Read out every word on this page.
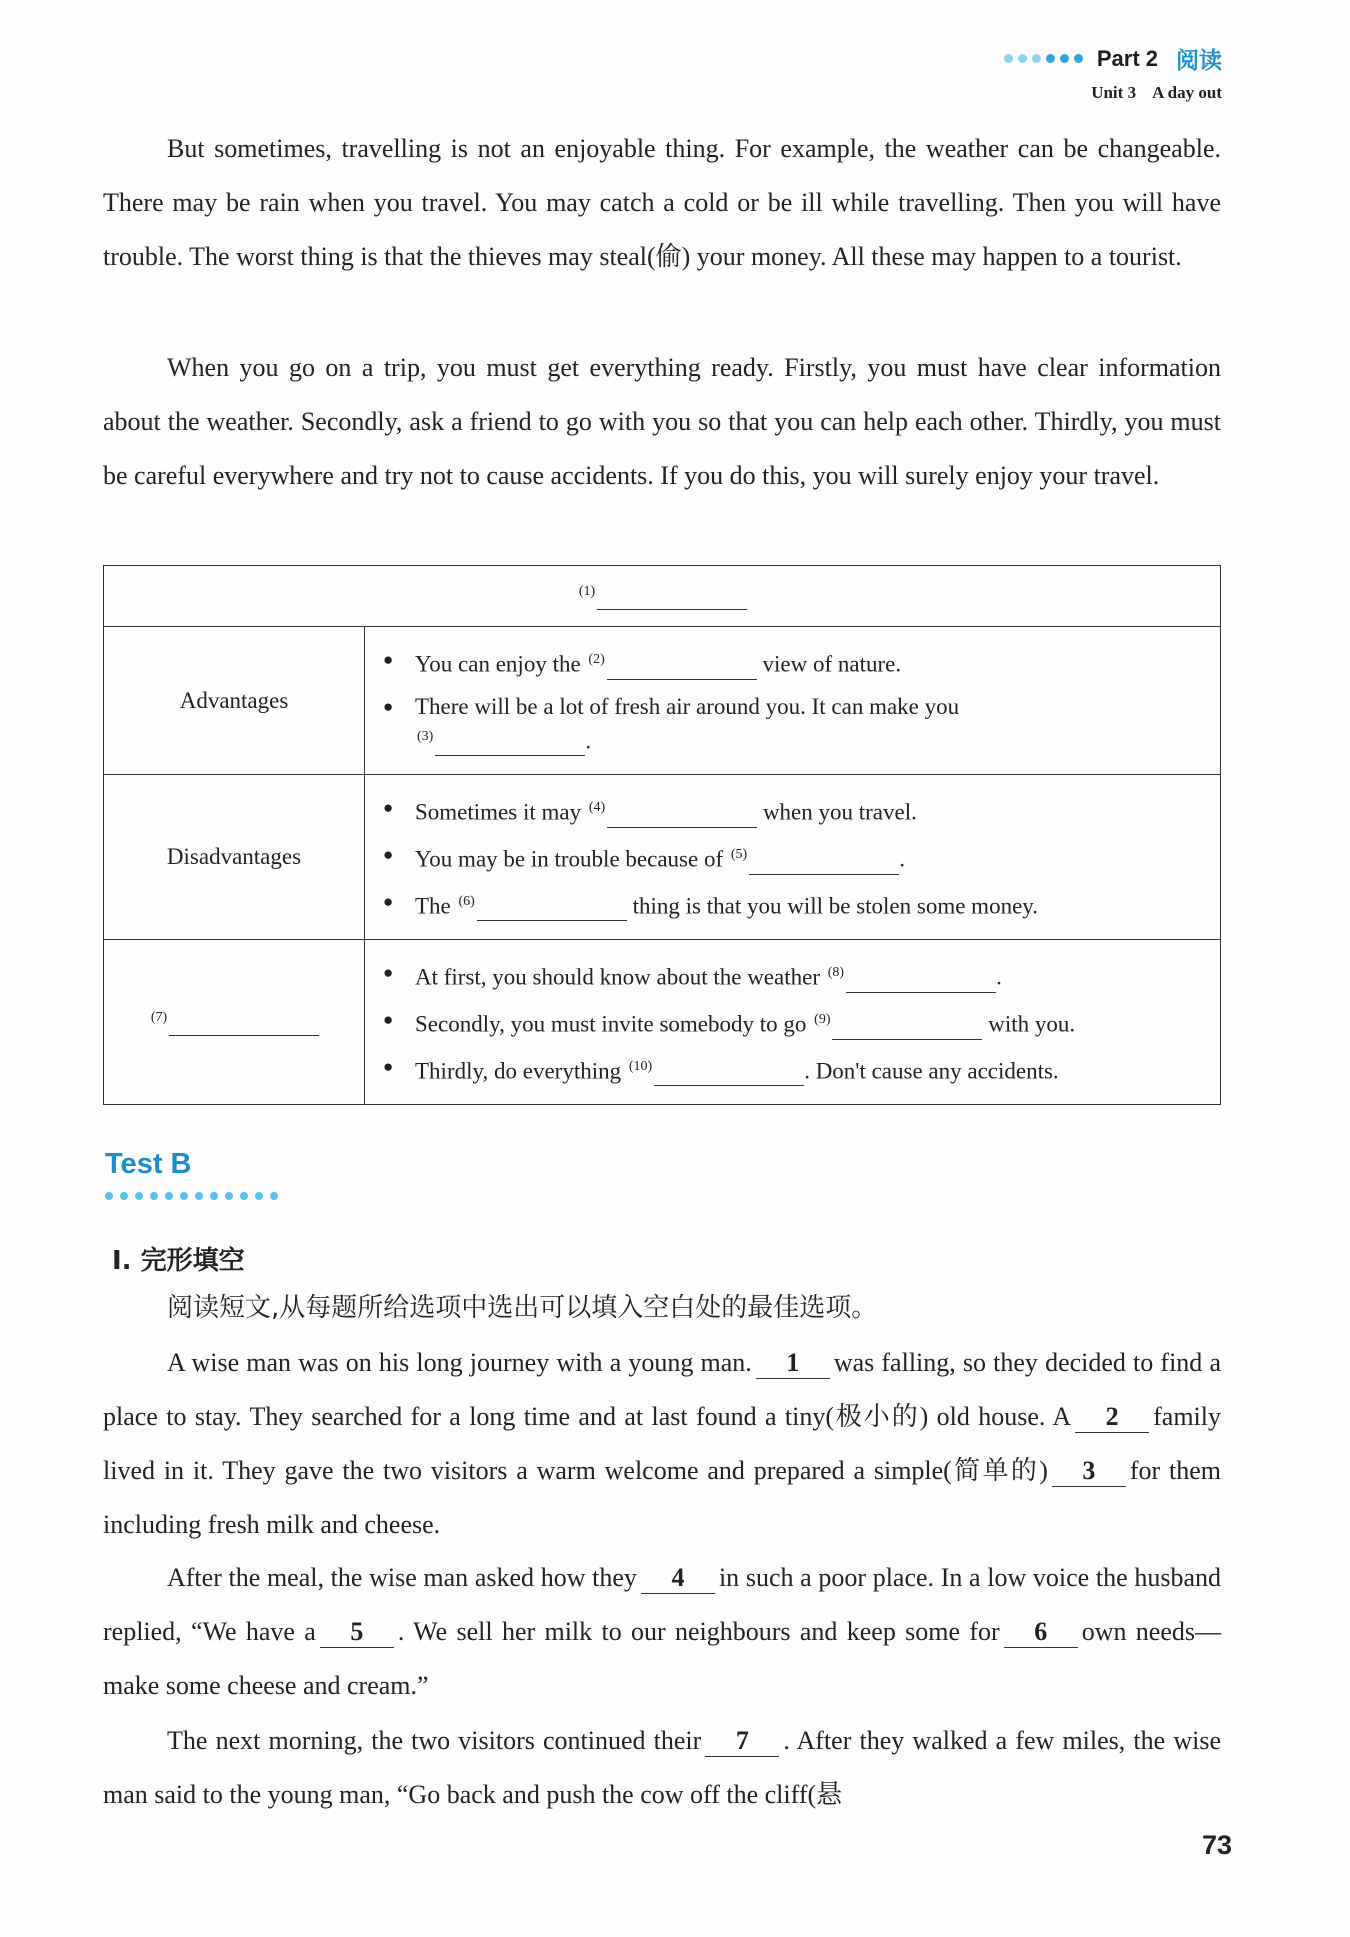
Part 2 阅读
Unit 3 A day out
But sometimes, travelling is not an enjoyable thing. For example, the weather can be changeable. There may be rain when you travel. You may catch a cold or be ill while travelling. Then you will have trouble. The worst thing is that the thieves may steal(偷) your money. All these may happen to a tourist.
When you go on a trip, you must get everything ready. Firstly, you must have clear information about the weather. Secondly, ask a friend to go with you so that you can help each other. Thirdly, you must be careful everywhere and try not to cause accidents. If you do this, you will surely enjoy your travel.
$^{(1)}$
Advantages	● You can enjoy the $^{(2)}$ view of nature.
● There will be a lot of fresh air around you. It can make you
$^{(3)}$ .

Disadvantages	● Sometimes it may $^{(4)}$ when you travel.
● You may be in trouble because of $^{(5)}$ .
● The $^{(6)}$ thing is that you will be stolen some money.

$^{(7)}$	● At first, you should know about the weather $^{(8)}$ .
● Secondly, you must invite somebody to go $^{(9)}$ with you.
● Thirdly, do everything $^{(10)}$ . Don't cause any accidents.
Test B
Ⅰ. 完形填空
阅读短文,从每题所给选项中选出可以填入空白处的最佳选项。
A wise man was on his long journey with a young man. 1 was falling, so they decided to find a place to stay. They searched for a long time and at last found a tiny(极小的) old house. A 2 family lived in it. They gave the two visitors a warm welcome and prepared a simple(简单的) 3 for them including fresh milk and cheese.
After the meal, the wise man asked how they 4 in such a poor place. In a low voice the husband replied, “We have a 5 . We sell her milk to our neighbours and keep some for 6 own needs—make some cheese and cream.”
The next morning, the two visitors continued their 7 . After they walked a few miles, the wise man said to the young man, “Go back and push the cow off the cliff(悬
73
